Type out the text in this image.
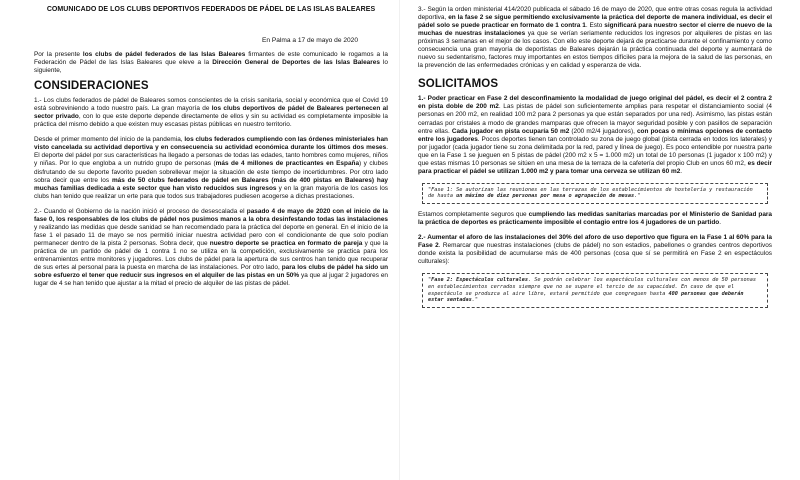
COMUNICADO DE LOS CLUBS DEPORTIVOS FEDERADOS DE PÁDEL DE LAS ISLAS BALEARES
En Palma a 17 de mayo de 2020

Por la presente los clubs de pádel federados de las Islas Baleares firmantes de este comunicado le rogamos a la Federación de Pádel de las Islas Baleares que eleve a la Dirección General de Deportes de las Islas Baleares lo siguiente,

CONSIDERACIONES

1.- Los clubs federados de pádel de Baleares somos conscientes de la crisis sanitaria, social y económica que el Covid 19 está sobreviniendo a todo nuestro país. La gran mayoría de los clubs deportivos de pádel de Baleares pertenecen al sector privado, con lo que este deporte depende directamente de ellos y sin su actividad es completamente imposible la práctica del mismo debido a que existen muy escasas pistas públicas en nuestro territorio.

Desde el primer momento del inicio de la pandemia, los clubs federados cumpliendo con las órdenes ministeriales han visto cancelada su actividad deportiva y en consecuencia su actividad económica durante los últimos dos meses. El deporte del pádel por sus características ha llegado a personas de todas las edades, tanto hombres como mujeres, niños y niñas. Por lo que engloba a un nutrido grupo de personas (más de 4 millones de practicantes en España) y clubes disfrutando de su deporte favorito pueden sobrellevar mejor la situación de este tiempo de incertidumbres. Por otro lado sobra decir que entre los más de 50 clubs federados de pádel en Baleares (más de 400 pistas en Baleares) hay muchas familias dedicada a este sector que han visto reducidos sus ingresos y en la gran mayoría de los casos los clubs han tenido que realizar un erte para que todos sus trabajadores pudiesen acogerse a dichas prestaciones.

2.- Cuando el Gobierno de la nación inició el proceso de desescalada el pasado 4 de mayo de 2020 con el inicio de la fase 0, los responsables de los clubs de pádel nos pusimos manos a la obra desinfestando todas las instalaciones y realizando las medidas que desde sanidad se han recomendado para la práctica del deporte en general. En el inicio de la fase 1 el pasado 11 de mayo se nos permitió iniciar nuestra actividad pero con el condicionante de que solo podían permanecer dentro de la pista 2 personas. Sobra decir, que nuestro deporte se practica en formato de pareja y que la práctica de un partido de pádel de 1 contra 1 no se utiliza en la competición, exclusivamente se practica para los entrenamientos entre monitores y jugadores. Los clubs de pádel para la apertura de sus centros han tenido que recuperar de sus ertes al personal para la puesta en marcha de las instalaciones. Por otro lado, para los clubs de pádel ha sido un sobre esfuerzo el tener que reducir sus ingresos en el alquiler de las pistas en un 50% ya que al jugar 2 jugadores en lugar de 4 se han tenido que ajustar a la mitad el precio de alquiler de las pistas de pádel.

3.- Según la orden ministerial 414/2020 publicada el sábado 16 de mayo de 2020, que entre otras cosas regula la actividad deportiva, en la fase 2 se sigue permitiendo exclusivamente la práctica del deporte de manera individual, es decir el pádel solo se puede practicar en formato de 1 contra 1. Esto significará para nuestro sector el cierre de nuevo de la muchas de nuestras instalaciones ya que se verían seriamente reducidos los ingresos por alquileres de pistas en las próximas 3 semanas en el mejor de los casos. Con ello este deporte dejará de practicarse durante el confinamiento y como consecuencia una gran mayoría de deportistas de Baleares dejarán la práctica continuada del deporte y aumentará de nuevo su sedentarismo, factores muy importantes en estos tiempos difíciles para la mejora de la salud de las personas, en la prevención de las enfermedades crónicas y en calidad y esperanza de vida.

SOLICITAMOS

1.- Poder practicar en Fase 2 del desconfinamiento la modalidad de juego original del pádel, es decir el 2 contra 2 en pista doble de 200 m2. Las pistas de pádel son suficientemente amplias para respetar el distanciamiento social (4 personas en 200 m2, en realidad 100 m2 para 2 personas ya que están separados por una red). Asimismo, las pistas están cerradas por cristales a modo de grandes mamparas que ofrecen la mayor seguridad posible y con pasillos de separación entre ellas. Cada jugador en pista ocuparía 50 m2 (200 m2/4 jugadores), con pocas o mínimas opciones de contacto entre los jugadores. Pocos deportes tienen tan controlado su zona de juego global (pista cerrada en todos los laterales) y por jugador (cada jugador tiene su zona delimitada por la red, pared y línea de juego). Es poco entendible por nuestra parte que en la Fase 1 se jueguen en 5 pistas de pádel (200 m2 x 5 = 1.000 m2) un total de 10 personas (1 jugador x 100 m2) y que estas mismas 10 personas se sitúen en una mesa de la terraza de la cafetería del propio Club en unos 60 m2, es decir para practicar el pádel se utilizan 1.000 m2 y para tomar una cerveza se utilizan 60 m2.

"Fase 1: Se autorizan las reuniones en las terrazas de los establecimientos de hostelería y restauración de hasta un máximo de diez personas por mesa o agrupación de mesas."

Estamos completamente seguros que cumpliendo las medidas sanitarias marcadas por el Ministerio de Sanidad para la práctica de deportes es prácticamente imposible el contagio entre los 4 jugadores de un partido.

2.- Aumentar el aforo de las instalaciones del 30% del aforo de uso deportivo que figura en la Fase 1 al 60% para la Fase 2. Remarcar que nuestras instalaciones (clubs de pádel) no son estadios, pabellones o grandes centros deportivos donde exista la posibilidad de acumularse más de 400 personas (cosa que sí se permitirá en Fase 2 en espectáculos culturales):

"Fase 2: Espectáculos culturales. Se podrán celebrar los espectáculos culturales con menos de 50 personas en establecimientos cerrados siempre que no se supere el tercio de su capacidad. En caso de que el espectáculo se produzca al aire libre, estará permitido que congreguen hasta 400 personas que deberán estar sentadas."
